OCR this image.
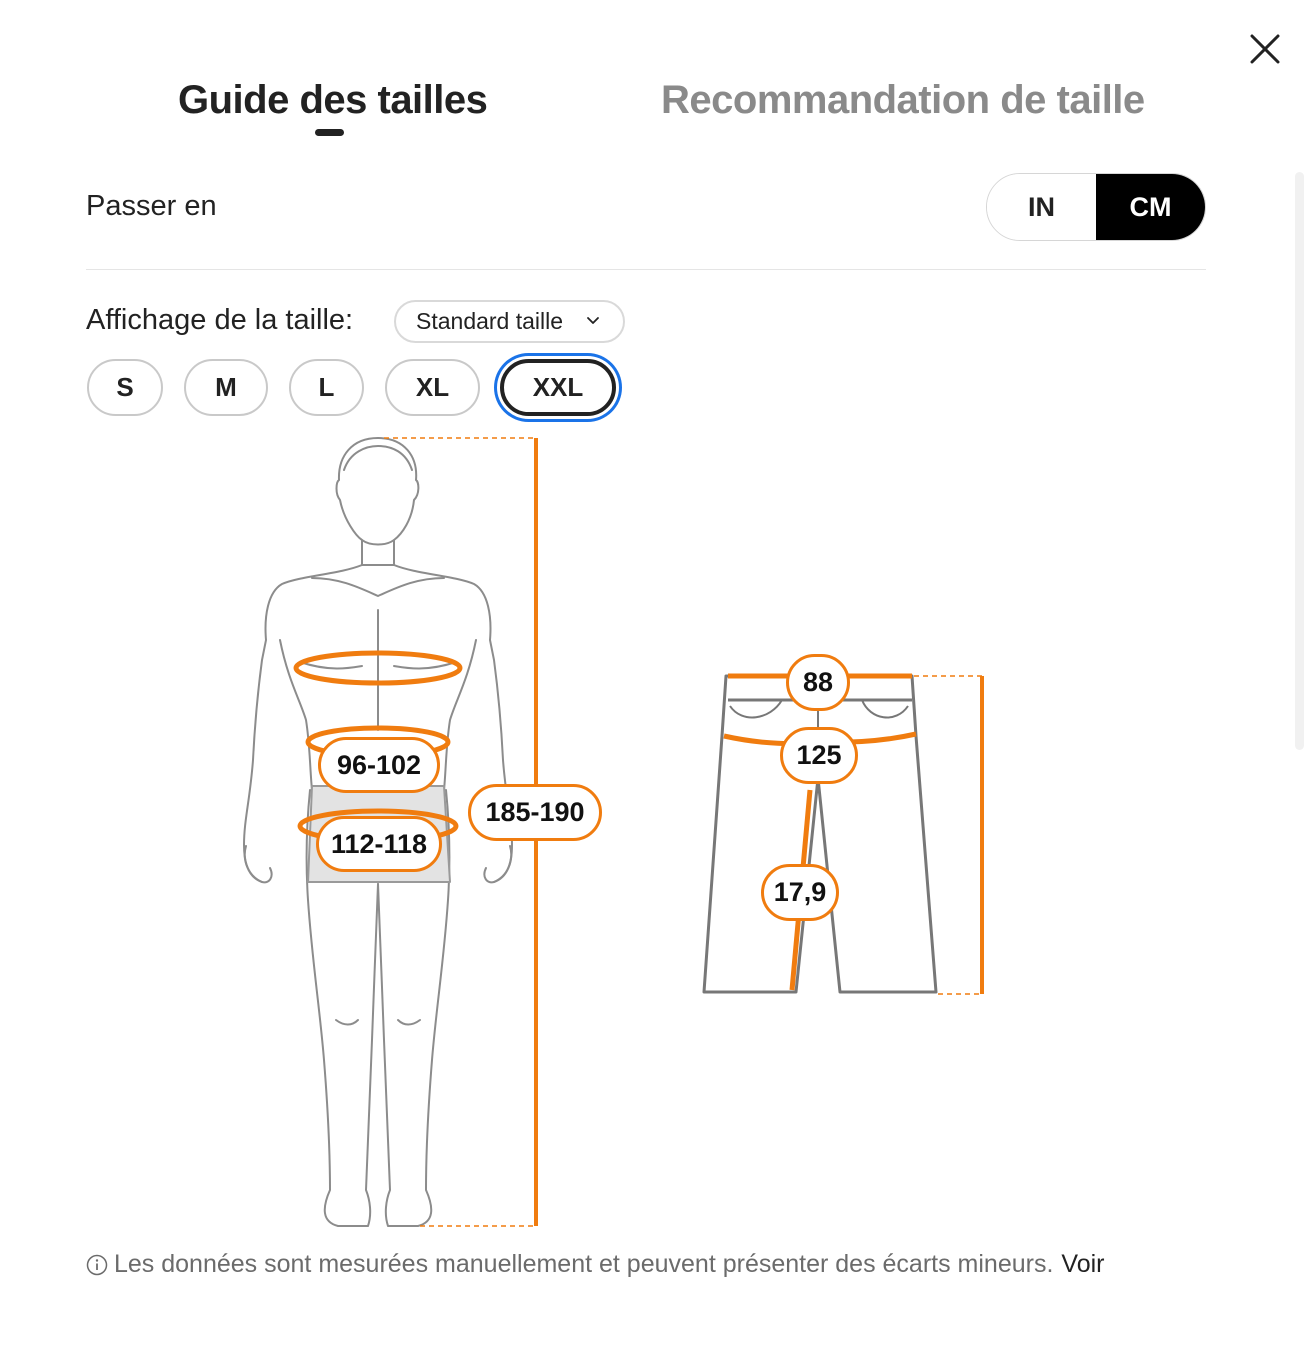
Guide des tailles	Recommandation de taille
Passer en	IN	CM
Affichage de la taille:	Standard taille
S	M	L	XL	XXL
96-102
112-118
185-190
88
125
17,9
Les données sont mesurées manuellement et peuvent présenter des écarts mineurs. Voir
